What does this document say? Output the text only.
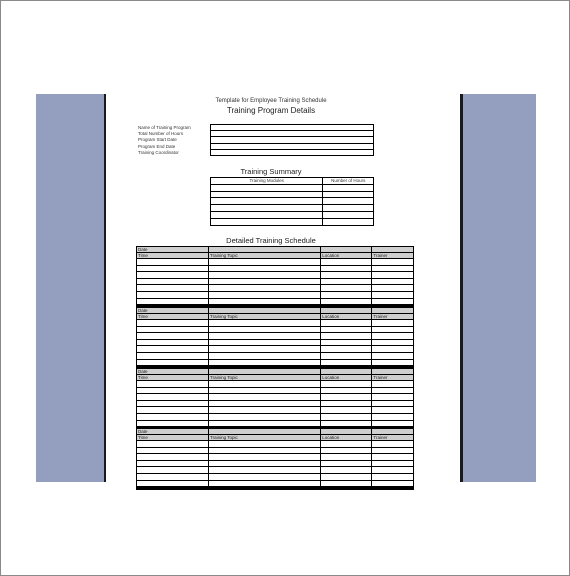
Template for Employee Training Schedule
Training Program Details
Name of Training Program
Total Number of Hours
Program Start Date
Program End Date
Training Coordinator

Training Summary
Training Modules	Number of Hours

Detailed Training Schedule
Date			
Time	Training Topic	Location	Trainer

Date			
Time	Training Topic	Location	Trainer

Date			
Time	Training Topic	Location	Trainer

Date			
Time	Training Topic	Location	Trainer
